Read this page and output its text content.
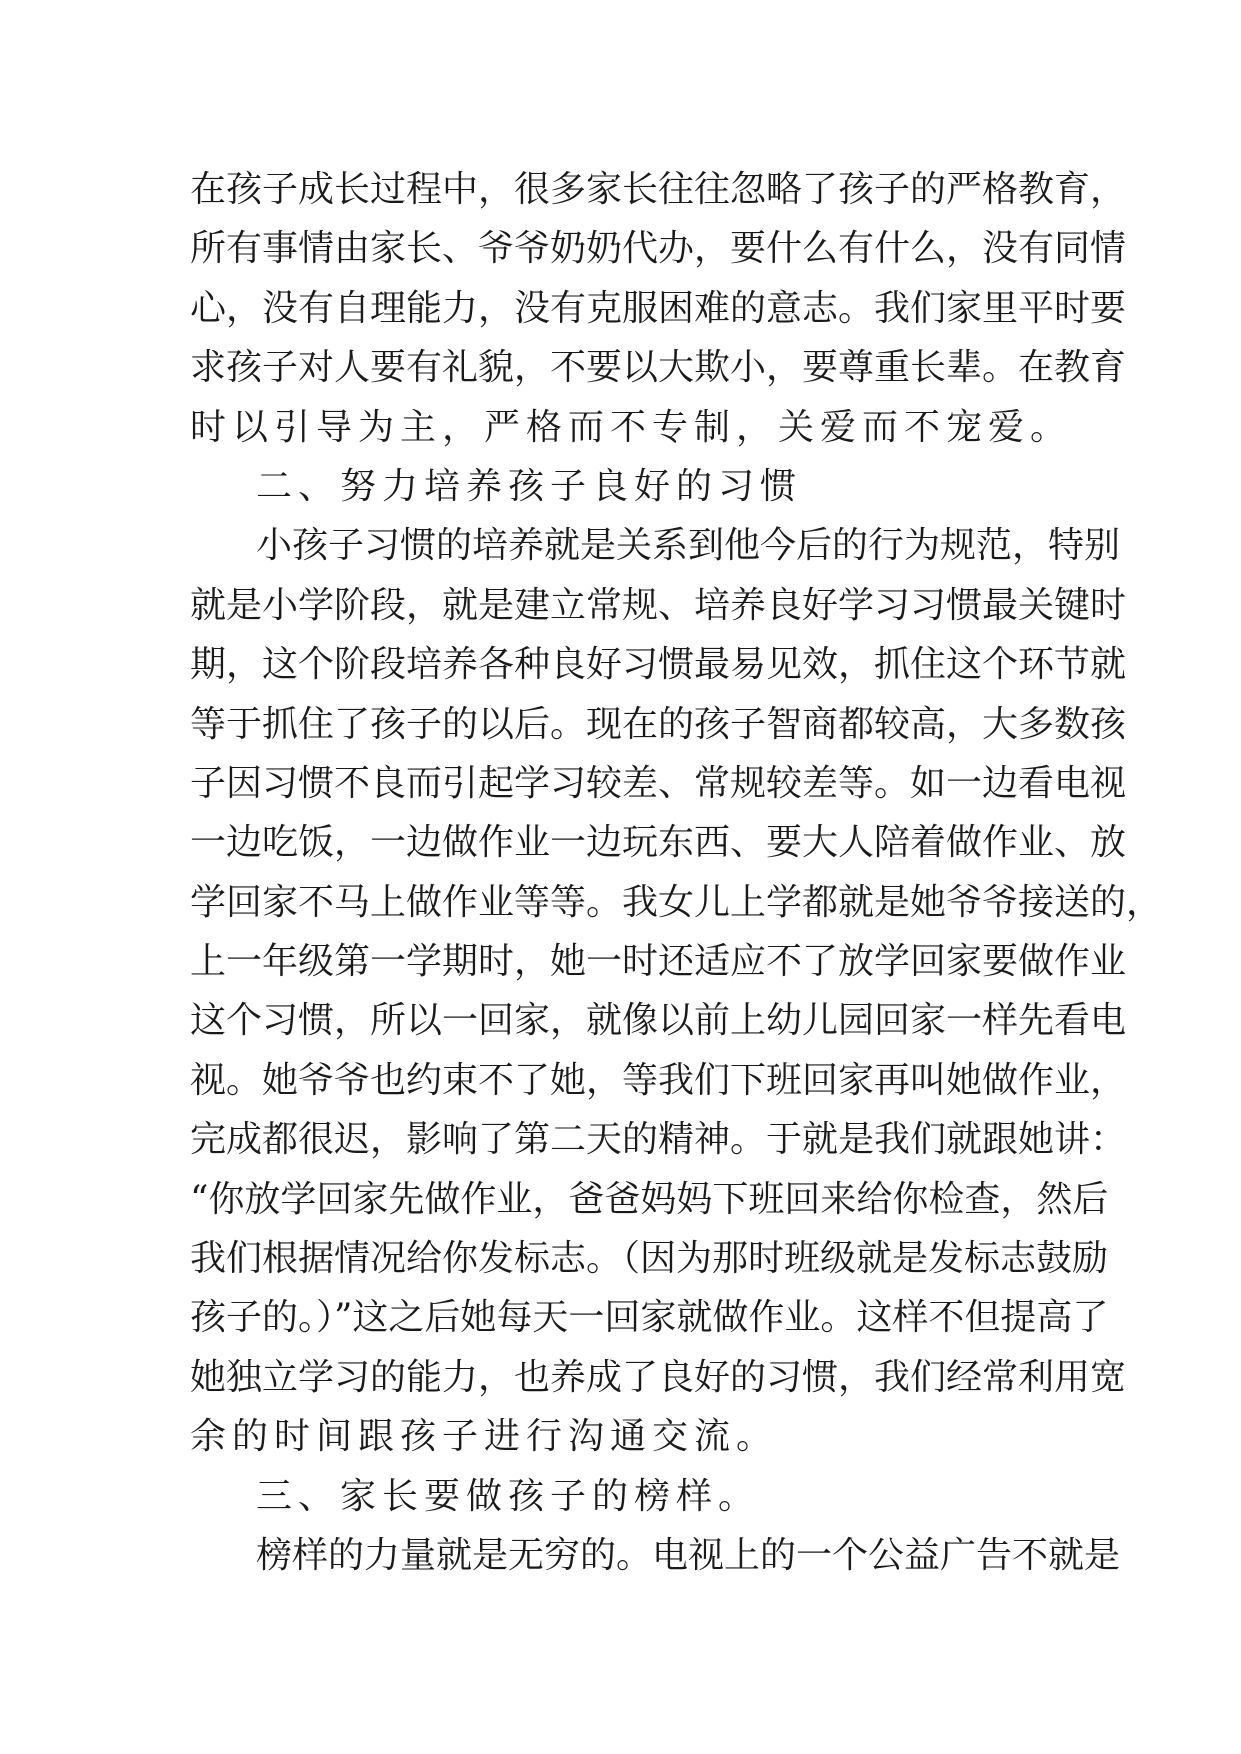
在孩子成长过程中，很多家长往往忽略了孩子的严格教育，
所有事情由家长、爷爷奶奶代办，要什么有什么，没有同情
心，没有自理能力，没有克服困难的意志。我们家里平时要
求孩子对人要有礼貌，不要以大欺小，要尊重长辈。在教育
时以引导为主，严格而不专制，关爱而不宠爱。
二、努力培养孩子良好的习惯
小孩子习惯的培养就是关系到他今后的行为规范，特别
就是小学阶段，就是建立常规、培养良好学习习惯最关键时
期，这个阶段培养各种良好习惯最易见效，抓住这个环节就
等于抓住了孩子的以后。现在的孩子智商都较高，大多数孩
子因习惯不良而引起学习较差、常规较差等。如一边看电视
一边吃饭，一边做作业一边玩东西、要大人陪着做作业、放
学回家不马上做作业等等。我女儿上学都就是她爷爷接送的，
上一年级第一学期时，她一时还适应不了放学回家要做作业
这个习惯，所以一回家，就像以前上幼儿园回家一样先看电
视。她爷爷也约束不了她，等我们下班回家再叫她做作业，
完成都很迟，影响了第二天的精神。于就是我们就跟她讲：
“你放学回家先做作业，爸爸妈妈下班回来给你检查，然后
我们根据情况给你发标志。（因为那时班级就是发标志鼓励
孩子的。）”这之后她每天一回家就做作业。这样不但提高了
她独立学习的能力，也养成了良好的习惯，我们经常利用宽
余的时间跟孩子进行沟通交流。
三、家长要做孩子的榜样。
榜样的力量就是无穷的。电视上的一个公益广告不就是
